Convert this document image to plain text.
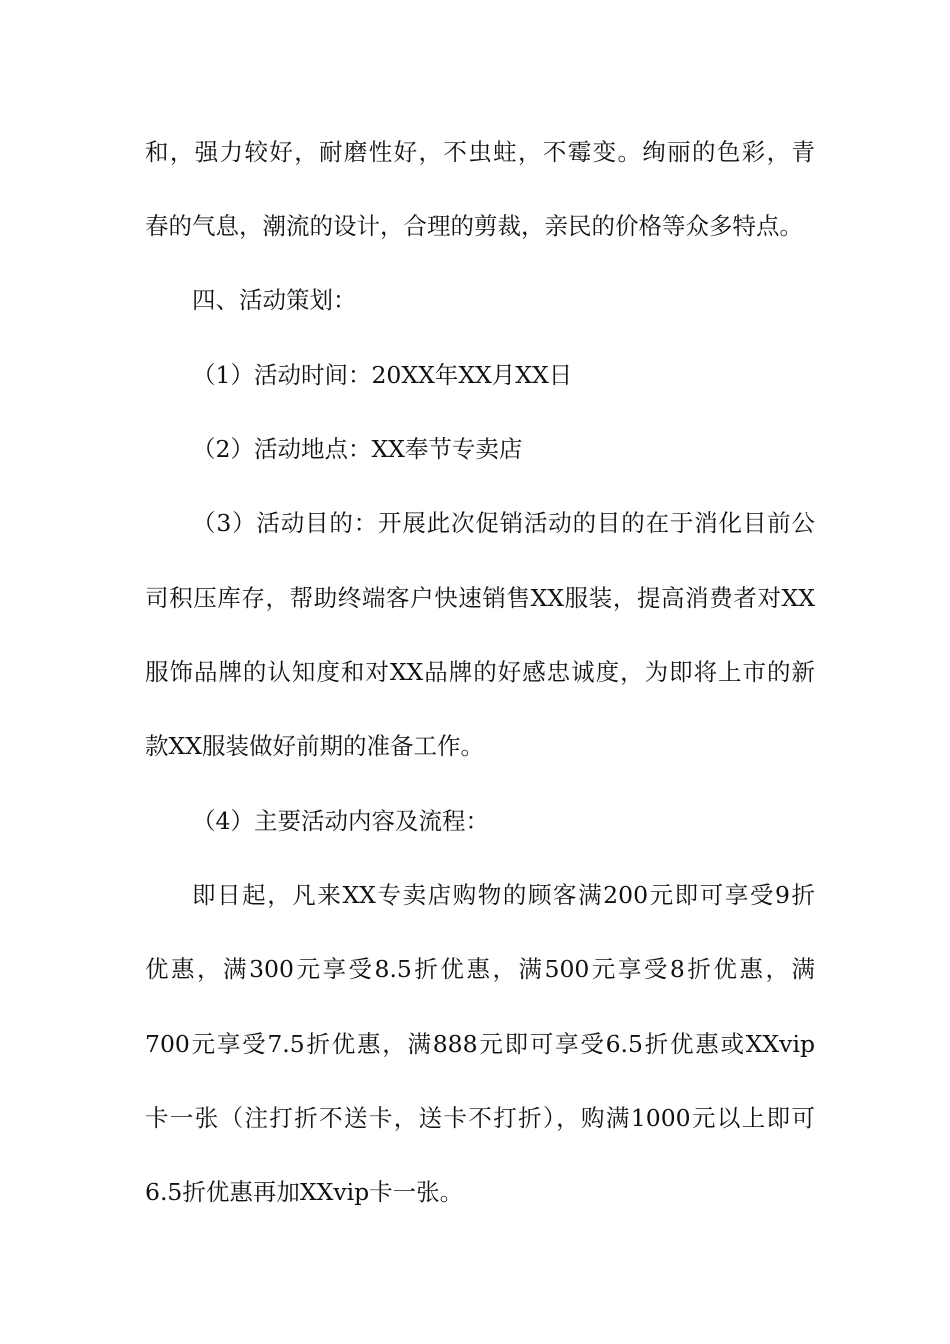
和，强力较好，耐磨性好，不虫蛀，不霉变。绚丽的色彩，青
春的气息，潮流的设计，合理的剪裁，亲民的价格等众多特点。
四、活动策划：
（1）活动时间：20XX年XX月XX日
（2）活动地点：XX奉节专卖店
（3）活动目的：开展此次促销活动的目的在于消化目前公
司积压库存，帮助终端客户快速销售XX服装，提高消费者对XX
服饰品牌的认知度和对XX品牌的好感忠诚度，为即将上市的新
款XX服装做好前期的准备工作。
（4）主要活动内容及流程：
即日起，凡来XX专卖店购物的顾客满200元即可享受9折
优惠，满300元享受8.5折优惠，满500元享受8折优惠，满
700元享受7.5折优惠，满888元即可享受6.5折优惠或XXvip
卡一张（注打折不送卡，送卡不打折），购满1000元以上即可
6.5折优惠再加XXvip卡一张。
